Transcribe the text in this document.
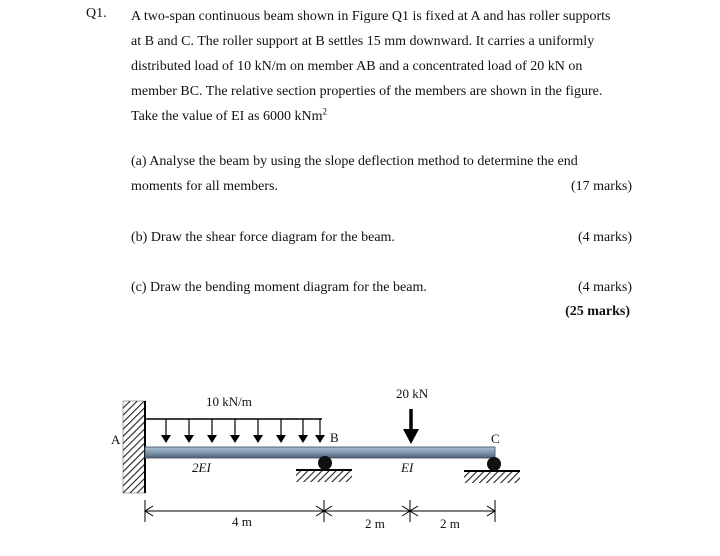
Q1. A two-span continuous beam shown in Figure Q1 is fixed at A and has roller supports
at B and C. The roller support at B settles 15 mm downward. It carries a uniformly
distributed load of 10 kN/m on member AB and a concentrated load of 20 kN on
member BC. The relative section properties of the members are shown in the figure.
Take the value of EI as 6000 kNm$^2$
(a) Analyse the beam by using the slope deflection method to determine the end
moments for all members.	(17 marks)
(b) Draw the shear force diagram for the beam.	(4 marks)
(c) Draw the bending moment diagram for the beam.	(4 marks)
(25 marks)
10 kN/m
20 kN
A	B	C
2EI	EI
4 m	2 m	2 m
